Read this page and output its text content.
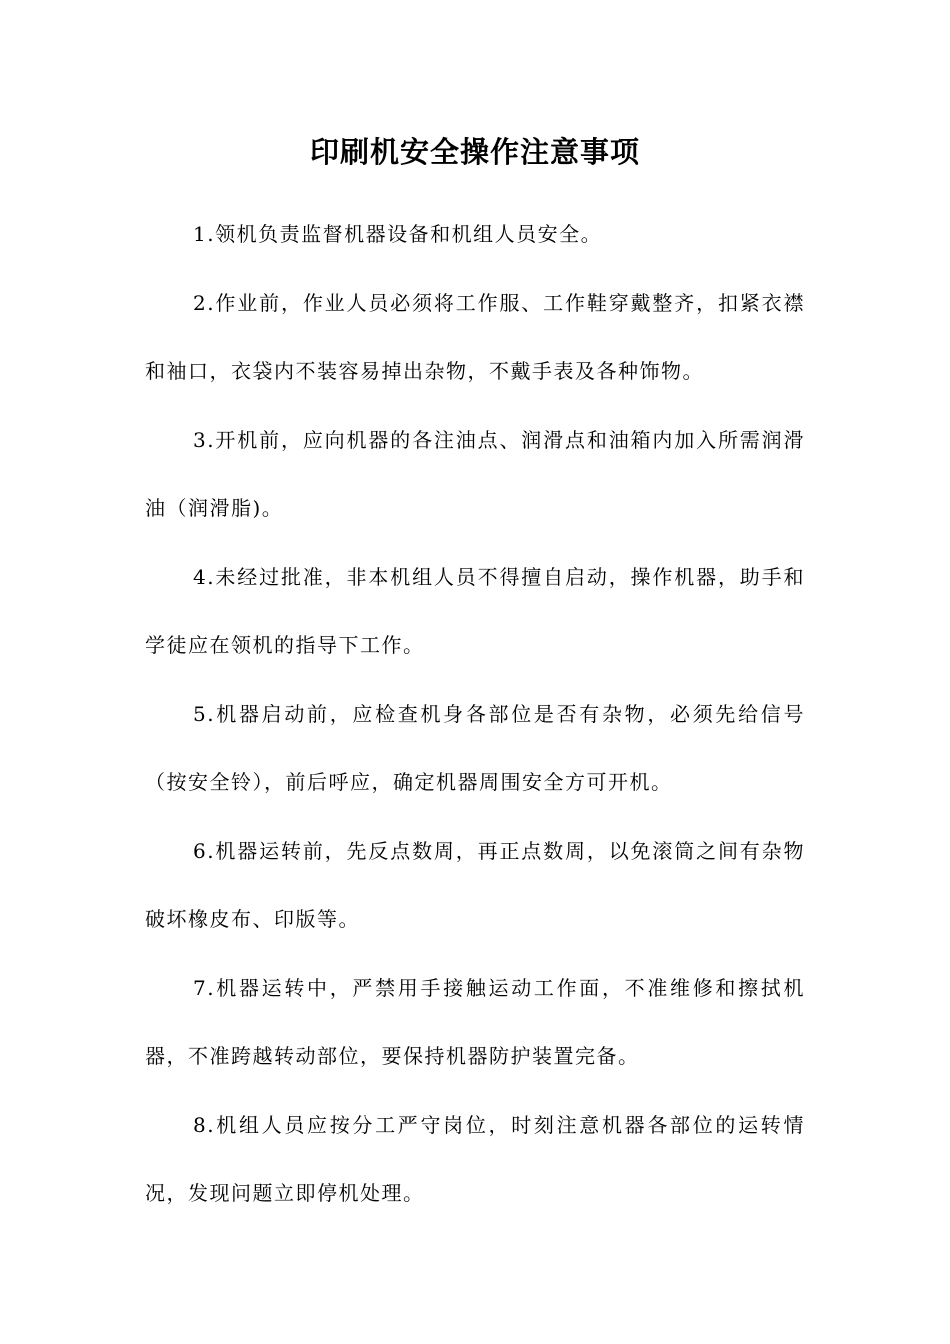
印刷机安全操作注意事项

1.领机负责监督机器设备和机组人员安全。

2.作业前，作业人员必须将工作服、工作鞋穿戴整齐，扣紧衣襟和袖口，衣袋内不装容易掉出杂物，不戴手表及各种饰物。

3.开机前，应向机器的各注油点、润滑点和油箱内加入所需润滑油（润滑脂)。

4.未经过批准，非本机组人员不得擅自启动，操作机器，助手和学徒应在领机的指导下工作。

5.机器启动前，应检查机身各部位是否有杂物，必须先给信号（按安全铃），前后呼应，确定机器周围安全方可开机。

6.机器运转前，先反点数周，再正点数周，以免滚筒之间有杂物破坏橡皮布、印版等。

7.机器运转中，严禁用手接触运动工作面，不准维修和擦拭机器，不准跨越转动部位，要保持机器防护装置完备。

8.机组人员应按分工严守岗位，时刻注意机器各部位的运转情况，发现问题立即停机处理。
